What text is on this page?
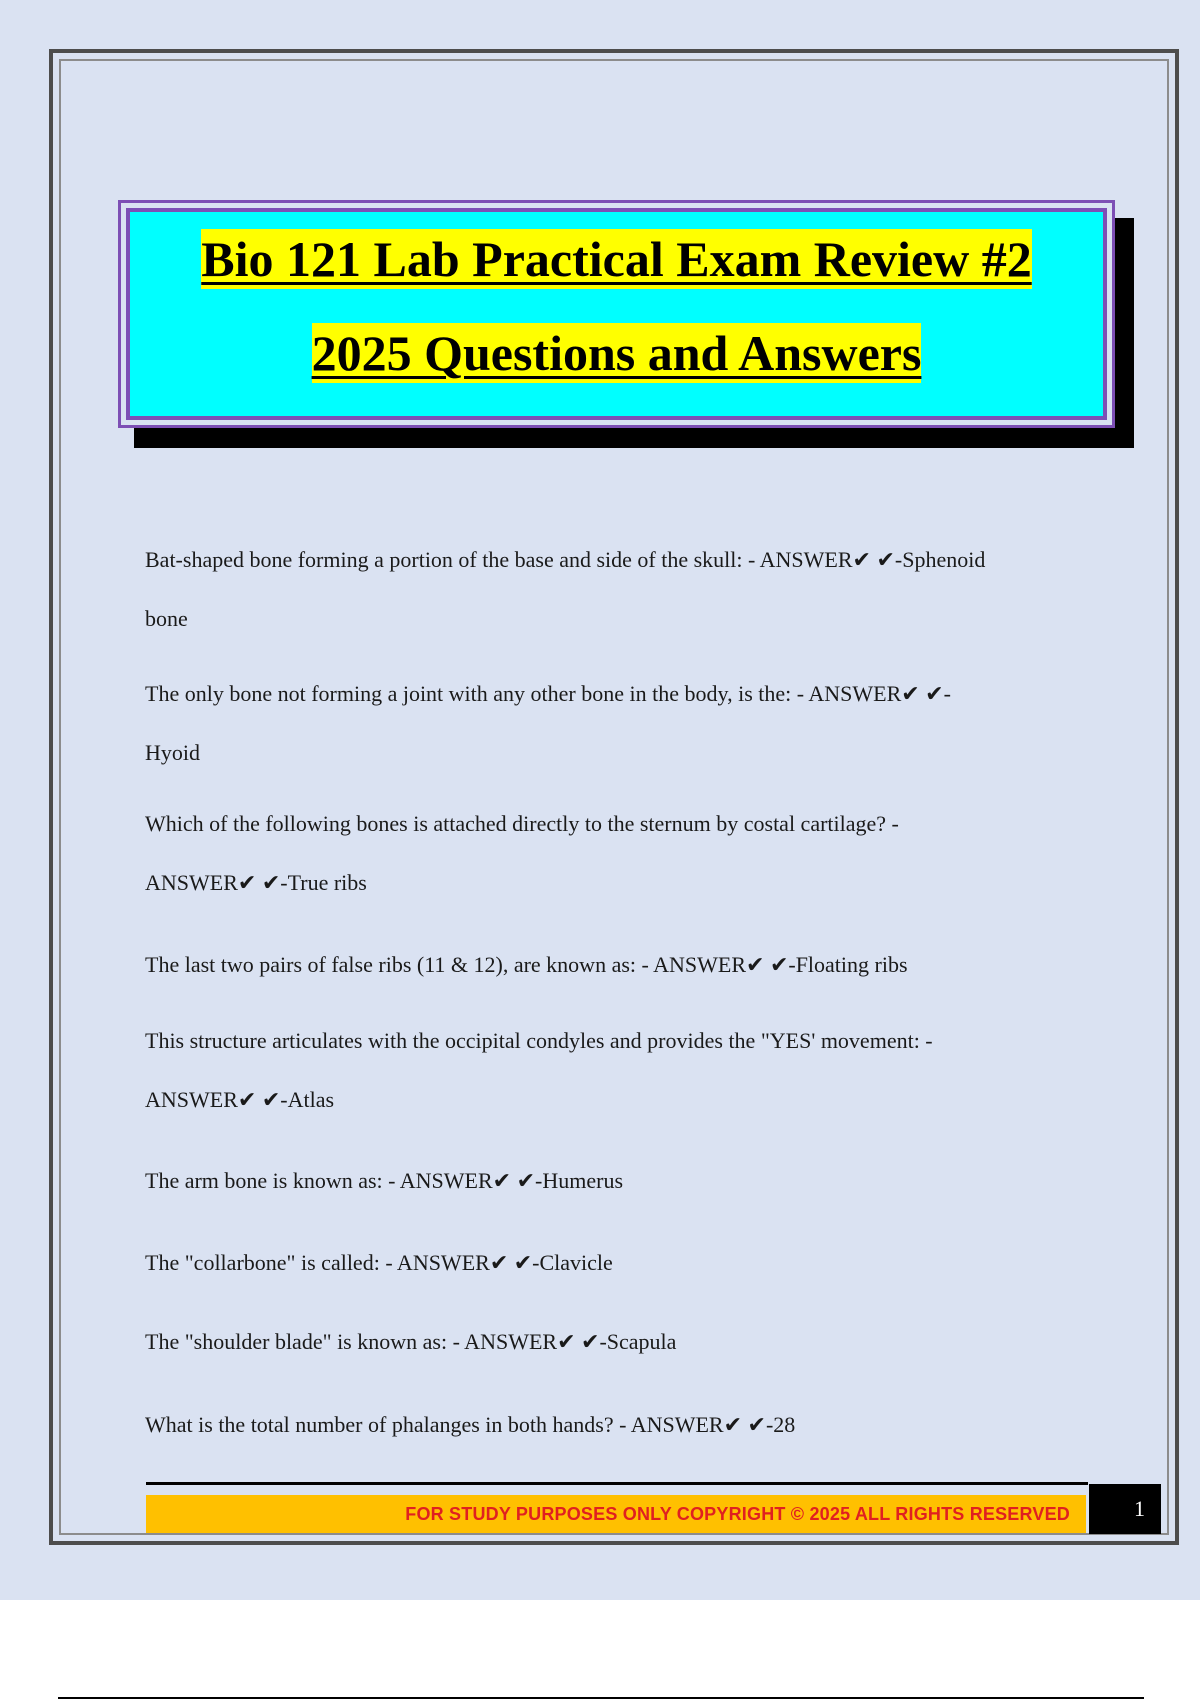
Bio 121 Lab Practical Exam Review #2
2025 Questions and Answers
Bat-shaped bone forming a portion of the base and side of the skull: - ANSWER✔ ✔-Sphenoid
bone
The only bone not forming a joint with any other bone in the body, is the: - ANSWER✔ ✔-
Hyoid
Which of the following bones is attached directly to the sternum by costal cartilage? -
ANSWER✔ ✔-True ribs
The last two pairs of false ribs (11 & 12), are known as: - ANSWER✔ ✔-Floating ribs
This structure articulates with the occipital condyles and provides the "YES' movement: -
ANSWER✔ ✔-Atlas
The arm bone is known as: - ANSWER✔ ✔-Humerus
The "collarbone" is called: - ANSWER✔ ✔-Clavicle
The "shoulder blade" is known as: - ANSWER✔ ✔-Scapula
What is the total number of phalanges in both hands? - ANSWER✔ ✔-28
FOR STUDY PURPOSES ONLY COPYRIGHT © 2025 ALL RIGHTS RESERVED	1
